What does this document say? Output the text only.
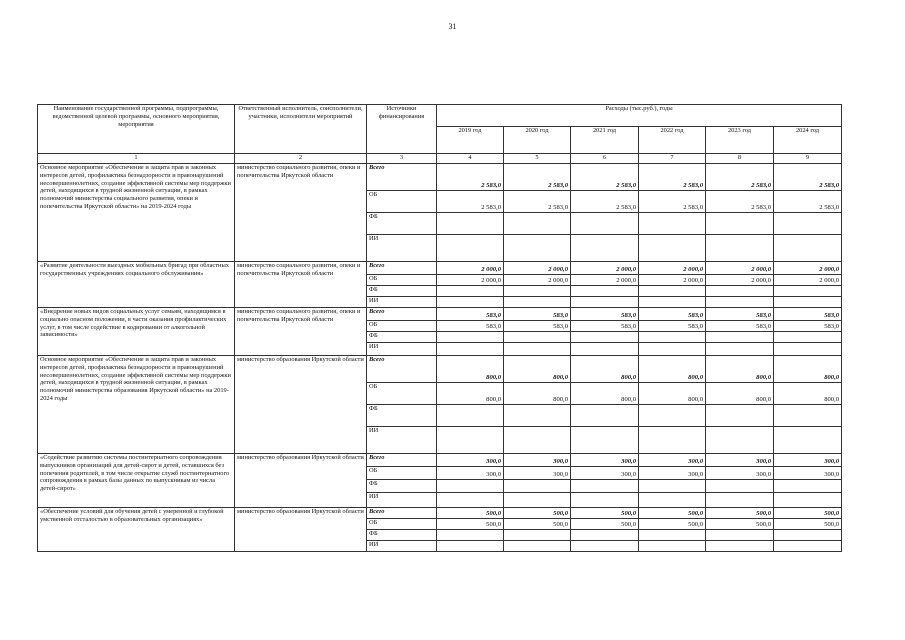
31
Наименование государственной программы, подпрограммы, ведомственной целевой программы, основного мероприятия, мероприятия	Ответственный исполнитель, соисполнители, участники, исполнители мероприятий	Источники финансирования	Расходы (тыс.руб.), годы					
			2019 год	2020 год	2021 год	2022 год	2023 год	2024 год
1	2	3	4	5	6	7	8	9
Основное мероприятие «Обеспечение и защита прав и законных интересов детей, профилактика безнадзорности и правонарушений несовершеннолетних, создание эффективной системы мер поддержки детей, находящихся в трудной жизненной ситуации, в рамках полномочий министерства социального развития, опеки и попечительства Иркутской области» на 2019-2024 годы	министерство социального развития, опеки и попечительства Иркутской области	Всего	2 583,0	2 583,0	2 583,0	2 583,0	2 583,0	2 583,0
		ОБ	2 583,0	2 583,0	2 583,0	2 583,0	2 583,0	2 583,0
		ФБ						
		ИИ						
«Развитие деятельности выездных мобильных бригад при областных государственных учреждениях социального обслуживания»	министерство социального развития, опеки и попечительства Иркутской области	Всего	2 000,0	2 000,0	2 000,0	2 000,0	2 000,0	2 000,0
		ОБ	2 000,0	2 000,0	2 000,0	2 000,0	2 000,0	2 000,0
		ФБ						
		ИИ						
«Внедрение новых видов социальных услуг семьям, находящимся в социально опасном положении, в части оказания профилактических услуг, в том числе содействие в кодировании от алкогольной зависимости»	министерство социального развития, опеки и попечительства Иркутской области	Всего	583,0	583,0	583,0	583,0	583,0	583,0
		ОБ	583,0	583,0	583,0	583,0	583,0	583,0
		ФБ						
		ИИ						
Основное мероприятие «Обеспечение и защита прав и законных интересов детей, профилактика безнадзорности и правонарушений несовершеннолетних, создание эффективной системы мер поддержки детей, находящихся в трудной жизненной ситуации, в рамках полномочий министерства образования Иркутской области» на 2019-2024 годы	министерство образования Иркутской области	Всего	800,0	800,0	800,0	800,0	800,0	800,0
		ОБ	800,0	800,0	800,0	800,0	800,0	800,0
		ФБ						
		ИИ						
«Содействие развитию системы постинтернатного сопровождения выпускников организаций для детей-сирот и детей, оставшихся без попечения родителей, в том числе открытие служб постинтернатного сопровождения в рамках базы данных по выпускникам из числа детей-сирот»	министерство образования Иркутской области	Всего	300,0	300,0	300,0	300,0	300,0	300,0
		ОБ	300,0	300,0	300,0	300,0	300,0	300,0
		ФБ						
		ИИ						
«Обеспечение условий для обучения детей с умеренной и глубокой умственной отсталостью в образовательных организациях»	министерство образования Иркутской области	Всего	500,0	500,0	500,0	500,0	500,0	500,0
		ОБ	500,0	500,0	500,0	500,0	500,0	500,0
		ФБ						
		ИИ						
